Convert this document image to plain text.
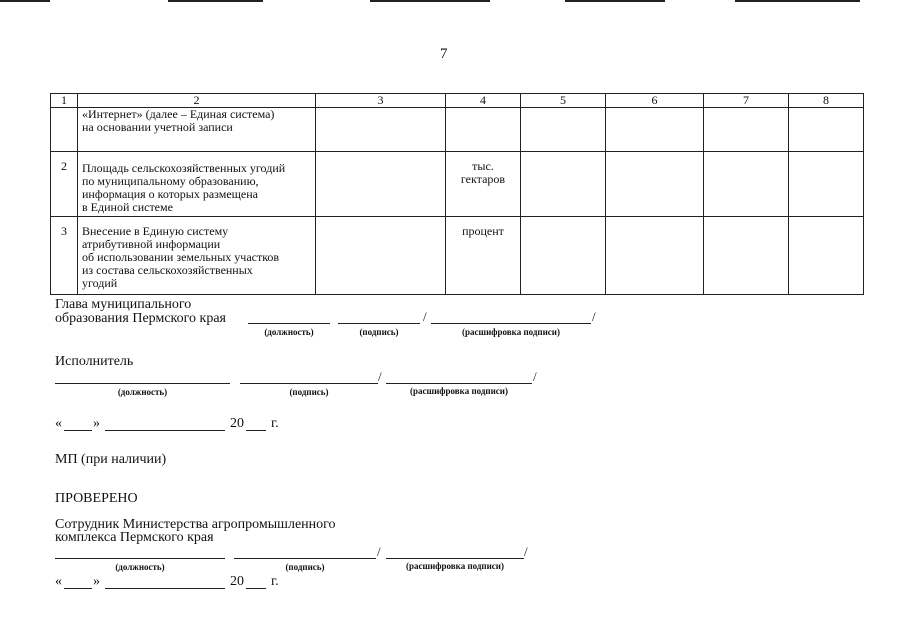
7
1	2	3	4	5	6	7	8
	«Интернет» (далее – Единая система)
на основании учетной записи						
2	Площадь сельскохозяйственных угодий
по муниципальному образованию,
информация о которых размещена
в Единой системе		тыс.
гектаров				
3	Внесение в Единую систему
атрибутивной информации
об использовании земельных участков
из состава сельскохозяйственных
угодий		процент				
Глава муниципального
образования Пермского края	/	/
(должность)	(подпись)	(расшифровка подписи)
Исполнитель
/	/
(должность)	(подпись)	(расшифровка подписи)
« »	20 г.
МП (при наличии)
ПРОВЕРЕНО
Сотрудник Министерства агропромышленного
комплекса Пермского края
/	/
(должность)	(подпись)	(расшифровка подписи)
« »	20 г.
